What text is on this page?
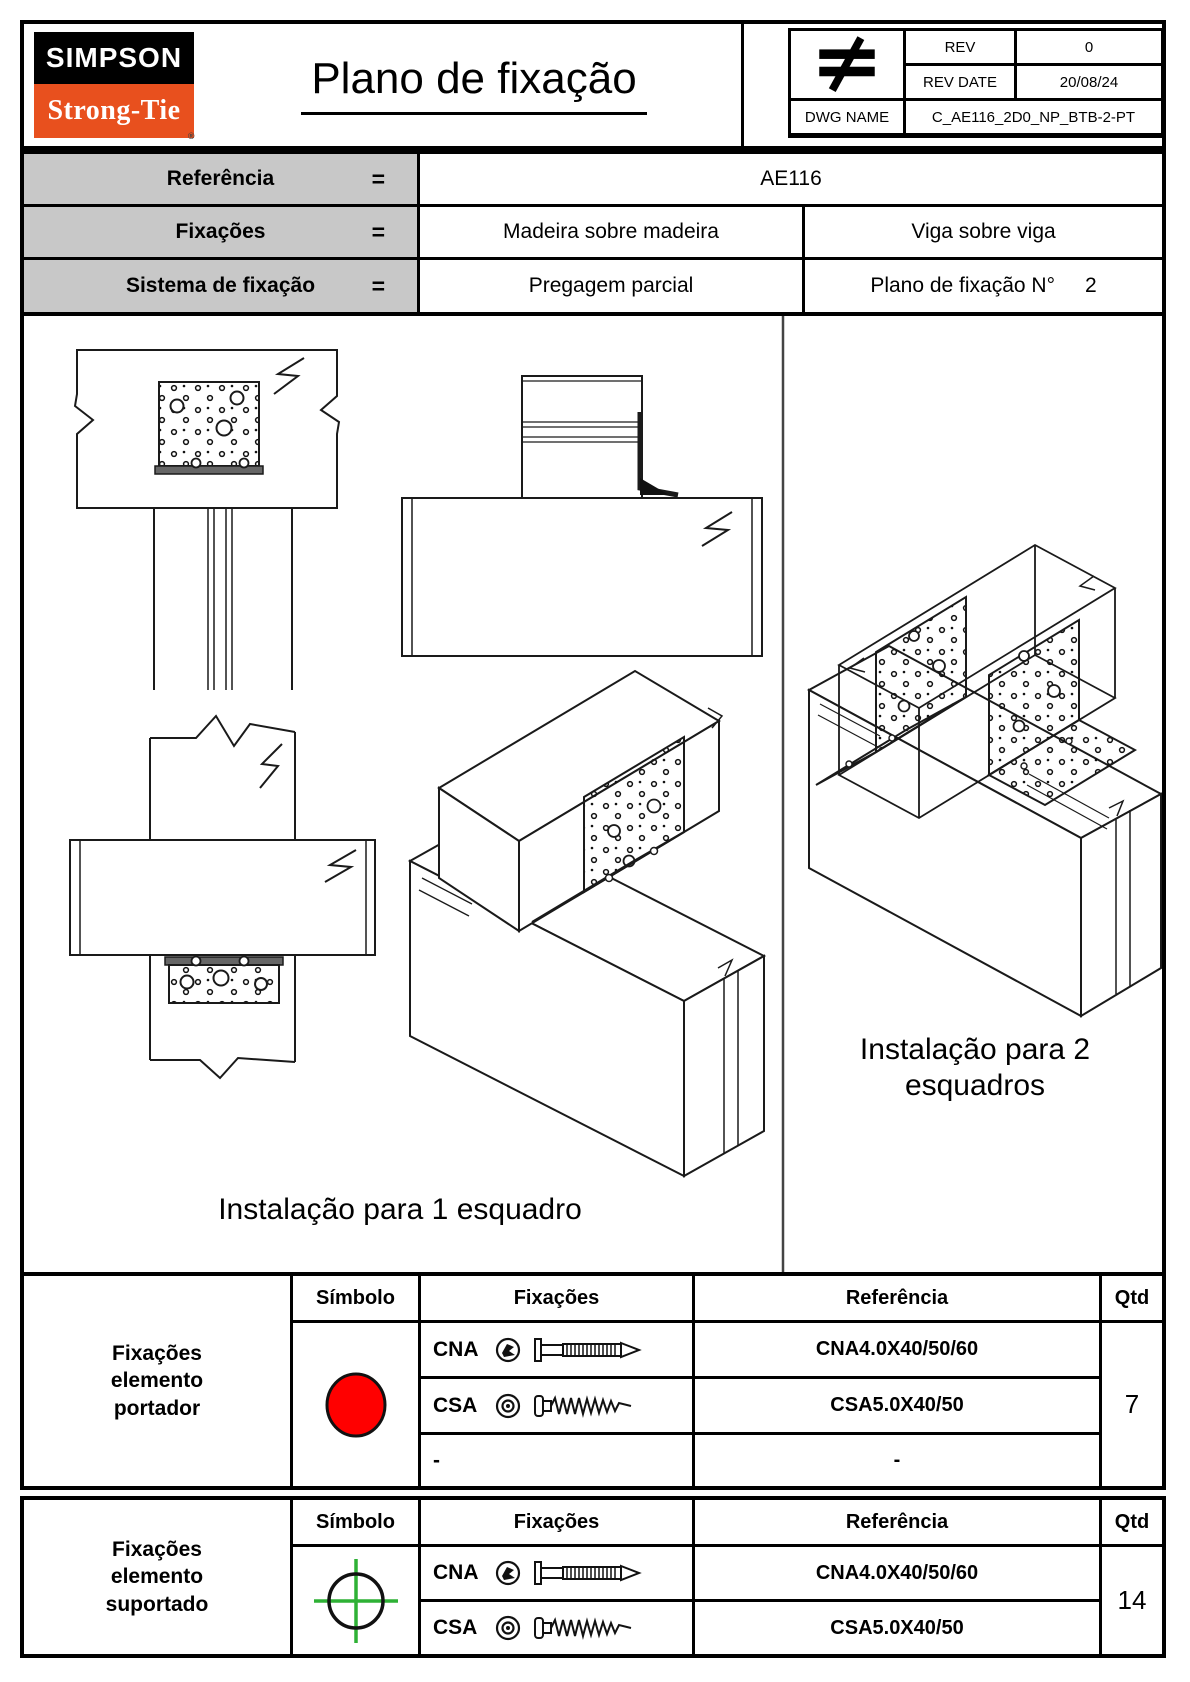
SIMPSON
Strong-Tie
®
Plano de fixação
REV	0
REV DATE	20/08/24
DWG NAME	C_AE116_2D0_NP_BTB-2-PT
Referência	=	AE116
Fixações	=	Madeira sobre madeira	Viga sobre viga
Sistema de fixação =	Pregagem parcial	Plano de fixação N° 2
Instalação para 1 esquadro
Instalação para 2
esquadros
Fixações elemento portador
Símbolo	Fixações	Referência	Qtd
CNA	CNA4.0X40/50/60
CSA	CSA5.0X40/50
-	-
7
Fixações elemento suportado
Símbolo	Fixações	Referência	Qtd
CNA	CNA4.0X40/50/60
CSA	CSA5.0X40/50
14
